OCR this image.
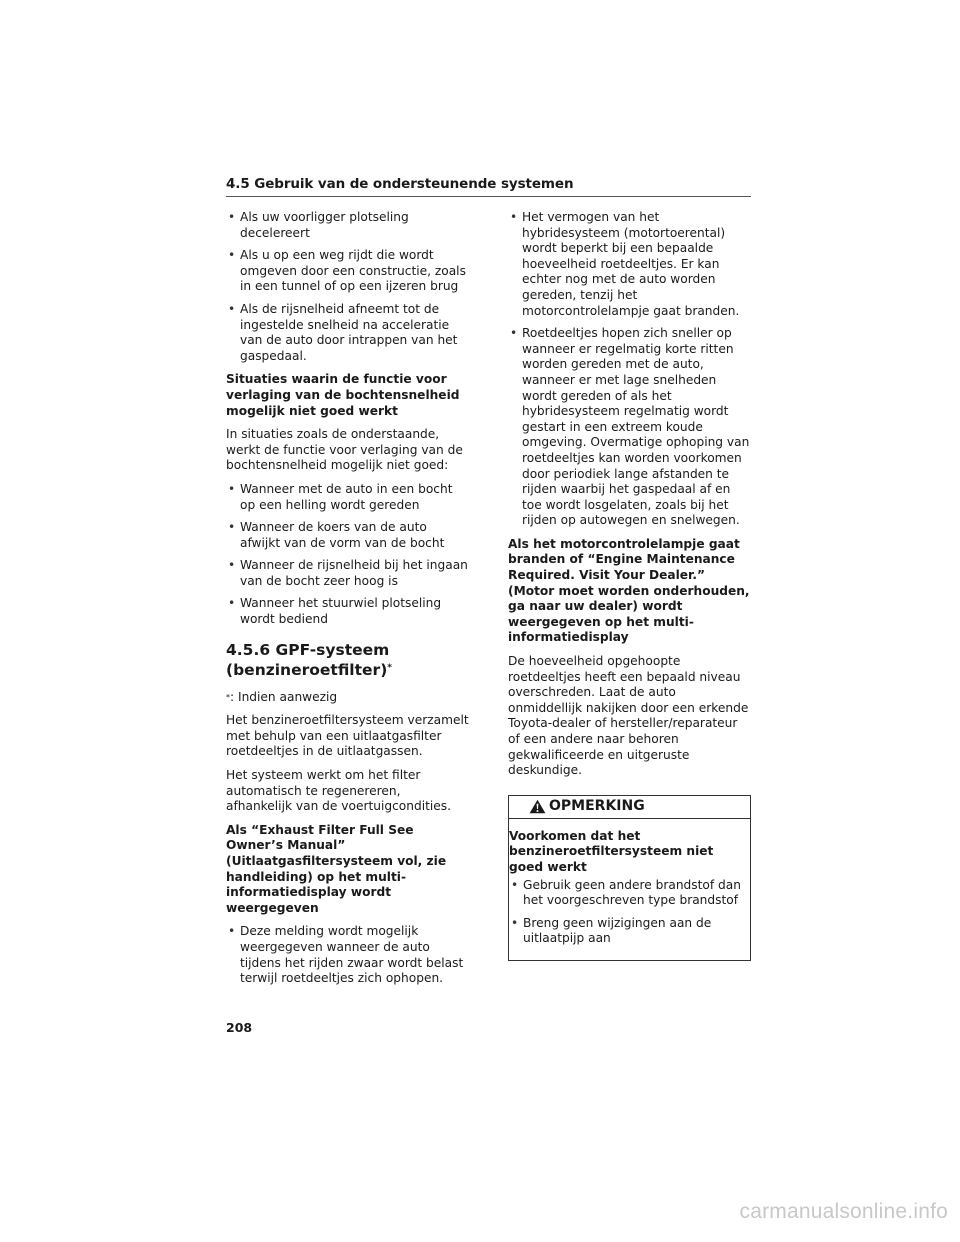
4.5 Gebruik van de ondersteunende systemen
• Als uw voorligger plotseling decelereert
• Als u op een weg rijdt die wordt omgeven door een constructie, zoals in een tunnel of op een ijzeren brug
• Als de rijsnelheid afneemt tot de ingestelde snelheid na acceleratie van de auto door intrappen van het gaspedaal.
Situaties waarin de functie voor verlaging van de bochtensnelheid mogelijk niet goed werkt

In situaties zoals de onderstaande, werkt de functie voor verlaging van de bochtensnelheid mogelijk niet goed:

• Wanneer met de auto in een bocht op een helling wordt gereden
• Wanneer de koers van de auto afwijkt van de vorm van de bocht
• Wanneer de rijsnelheid bij het ingaan van de bocht zeer hoog is
• Wanneer het stuurwiel plotseling wordt bediend
4.5.6 GPF-systeem (benzineroetfilter)*

*: Indien aanwezig

Het benzineroetfiltersysteem verzamelt met behulp van een uitlaatgasfilter roetdeeltjes in de uitlaatgassen.

Het systeem werkt om het filter automatisch te regenereren, afhankelijk van de voertuigcondities.

Als “Exhaust Filter Full See Owner’s Manual” (Uitlaatgasfiltersysteem vol, zie handleiding) op het multi-informatiedisplay wordt weergegeven
• Deze melding wordt mogelijk weergegeven wanneer de auto tijdens het rijden zwaar wordt belast terwijl roetdeeltjes zich ophopen.
• Het vermogen van het hybridesysteem (motortoerental) wordt beperkt bij een bepaalde hoeveelheid roetdeeltjes. Er kan echter nog met de auto worden gereden, tenzij het motorcontrolelampje gaat branden.
• Roetdeeltjes hopen zich sneller op wanneer er regelmatig korte ritten worden gereden met de auto, wanneer er met lage snelheden wordt gereden of als het hybridesysteem regelmatig wordt gestart in een extreem koude omgeving. Overmatige ophoping van roetdeeltjes kan worden voorkomen door periodiek lange afstanden te rijden waarbij het gaspedaal af en toe wordt losgelaten, zoals bij het rijden op autowegen en snelwegen.
Als het motorcontrolelampje gaat branden of “Engine Maintenance Required. Visit Your Dealer.” (Motor moet worden onderhouden, ga naar uw dealer) wordt weergegeven op het multi-informatiedisplay

De hoeveelheid opgehoopte roetdeeltjes heeft een bepaald niveau overschreden. Laat de auto onmiddellijk nakijken door een erkende Toyota-dealer of hersteller/reparateur of een andere naar behoren gekwalificeerde en uitgeruste deskundige.

OPMERKING
Voorkomen dat het benzineroetfiltersysteem niet goed werkt
• Gebruik geen andere brandstof dan het voorgeschreven type brandstof
• Breng geen wijzigingen aan de uitlaatpijp aan
208
carmanualsonline.info
